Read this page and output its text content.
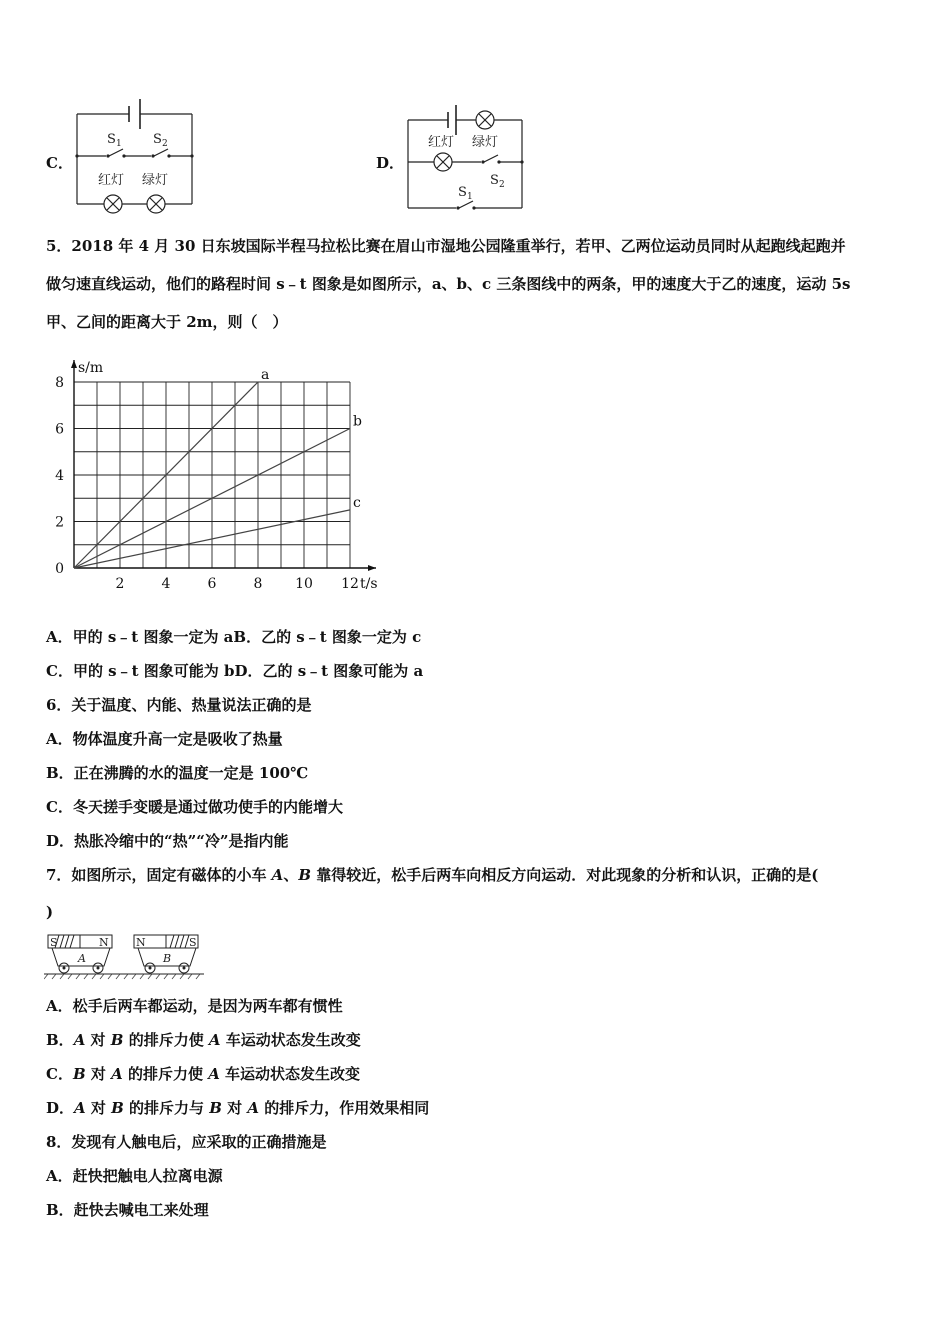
C．
S 1 S 2
红灯 绿灯
D．
红灯 绿灯
S 2
S 1
5．2018 年 4 月 30 日东坡国际半程马拉松比赛在眉山市湿地公园隆重举行，若甲、乙两位运动员同时从起跑线起跑并
做匀速直线运动，他们的路程时间 s﹣t 图象是如图所示，a、b、c 三条图线中的两条，甲的速度大于乙的速度，运动 5s
甲、乙间的距离大于 2m，则（　）
s/m
t/s
2	4	6	8 10 12
0
2
4
6
8	a
b
c
A．甲的 s﹣t 图象一定为 aB．乙的 s﹣t 图象一定为 c
C．甲的 s﹣t 图象可能为 bD．乙的 s﹣t 图象可能为 a
6．关于温度、内能、热量说法正确的是
A．物体温度升高一定是吸收了热量
B．正在沸腾的水的温度一定是 100℃
C．冬天搓手变暖是通过做功使手的内能增大
D．热胀冷缩中的“热”“冷”是指内能
7．如图所示，固定有磁体的小车 A、B 靠得较近，松手后两车向相反方向运动．对此现象的分析和认识，正确的是(
)
S	N
A
N	S
B
A．松手后两车都运动，是因为两车都有惯性
B．A 对 B 的排斥力使 A 车运动状态发生改变
C．B 对 A 的排斥力使 A 车运动状态发生改变
D．A 对 B 的排斥力与 B 对 A 的排斥力，作用效果相同
8．发现有人触电后，应采取的正确措施是
A．赶快把触电人拉离电源
B．赶快去喊电工来处理
